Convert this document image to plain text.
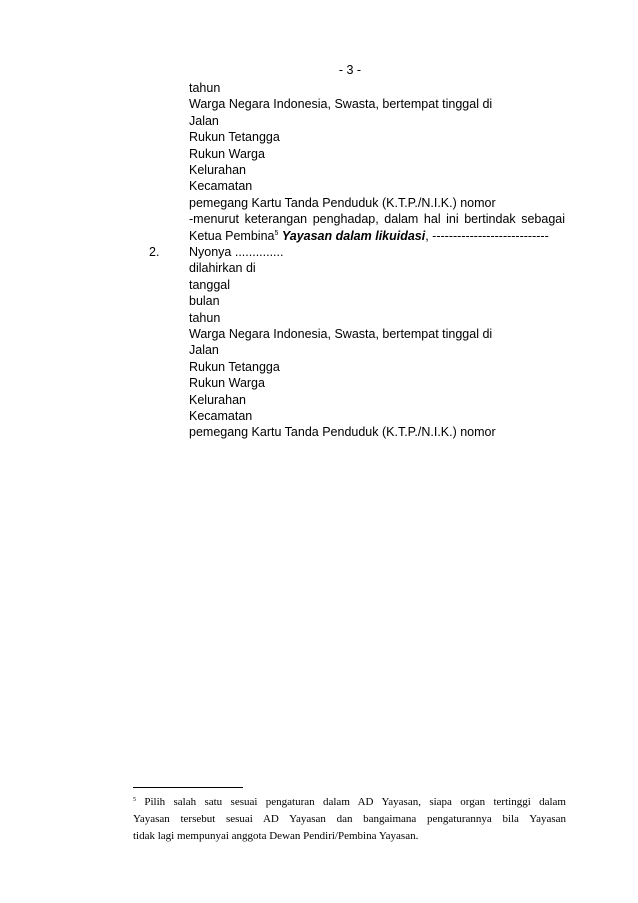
- 3 -
tahun
Warga Negara Indonesia, Swasta, bertempat tinggal di
Jalan
Rukun Tetangga
Rukun Warga
Kelurahan
Kecamatan
pemegang Kartu Tanda Penduduk (K.T.P./N.I.K.) nomor
-menurut keterangan penghadap, dalam hal ini bertindak sebagai
Ketua Pembina$^5$ Yayasan dalam likuidasi, ----------------------------
2. Nyonya ..............
dilahirkan di
tanggal
bulan
tahun
Warga Negara Indonesia, Swasta, bertempat tinggal di
Jalan
Rukun Tetangga
Rukun Warga
Kelurahan
Kecamatan
pemegang Kartu Tanda Penduduk (K.T.P./N.I.K.) nomor
$^5$ Pilih salah satu sesuai pengaturan dalam AD Yayasan, siapa organ tertinggi dalam
Yayasan tersebut sesuai AD Yayasan dan bangaimana pengaturannya bila Yayasan
tidak lagi mempunyai anggota Dewan Pendiri/Pembina Yayasan.
